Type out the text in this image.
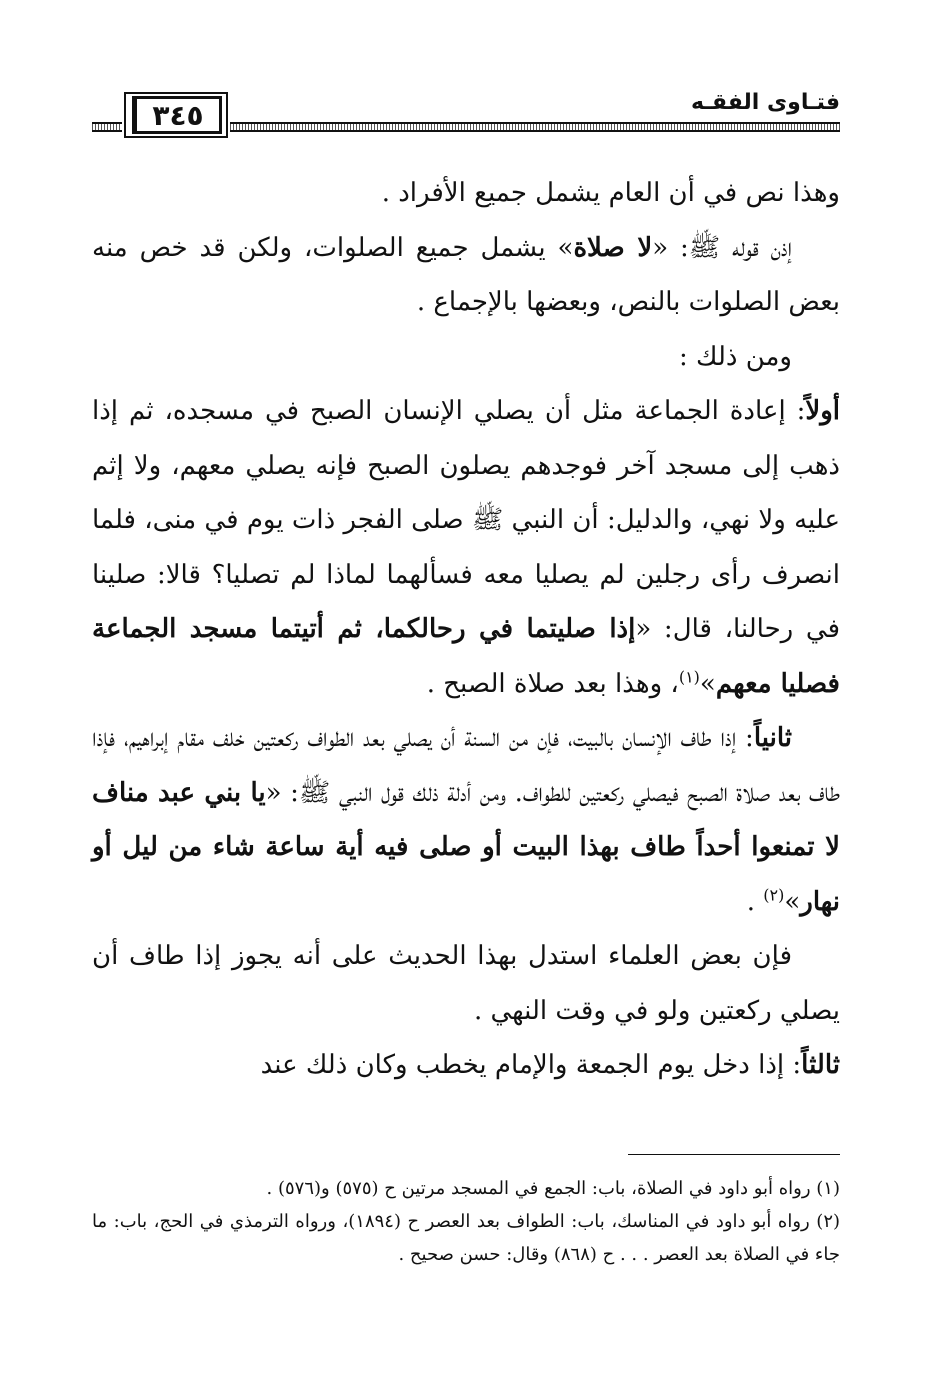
٣٤٥	فتـاوى الفقـه

وهذا نص في أن العام يشمل جميع الأفراد .

إذن قوله ﷺ: «لا صلاة» يشمل جميع الصلوات، ولكن قد خص منه بعض الصلوات بالنص، وبعضها بالإجماع .

ومن ذلك :

أولاً: إعادة الجماعة مثل أن يصلي الإنسان الصبح في مسجده، ثم إذا ذهب إلى مسجد آخر فوجدهم يصلون الصبح فإنه يصلي معهم، ولا إثم عليه ولا نهي، والدليل: أن النبي ﷺ صلى الفجر ذات يوم في منى، فلما انصرف رأى رجلين لم يصليا معه فسألهما لماذا لم تصليا؟ قالا: صلينا في رحالنا، قال: «إذا صليتما في رحالكما، ثم أتيتما مسجد الجماعة فصليا معهم»$^{(١)}$، وهذا بعد صلاة الصبح .

ثانياً: إذا طاف الإنسان بالبيت، فإن من السنة أن يصلي بعد الطواف ركعتين خلف مقام إبراهيم، فإذا طاف بعد صلاة الصبح فيصلي ركعتين للطواف. ومن أدلة ذلك قول النبي ﷺ: «يا بني عبد مناف لا تمنعوا أحداً طاف بهذا البيت أو صلى فيه أية ساعة شاء من ليل أو نهار»$^{(٢)}$ .

فإن بعض العلماء استدل بهذا الحديث على أنه يجوز إذا طاف أن يصلي ركعتين ولو في وقت النهي .

ثالثاً: إذا دخل يوم الجمعة والإمام يخطب وكان ذلك عند

(١) رواه أبو داود في الصلاة، باب: الجمع في المسجد مرتين ح (٥٧٥) و(٥٧٦) .

(٢) رواه أبو داود في المناسك، باب: الطواف بعد العصر ح (١٨٩٤)، ورواه الترمذي في الحج، باب: ما جاء في الصلاة بعد العصر . . . ح (٨٦٨) وقال: حسن صحيح .
